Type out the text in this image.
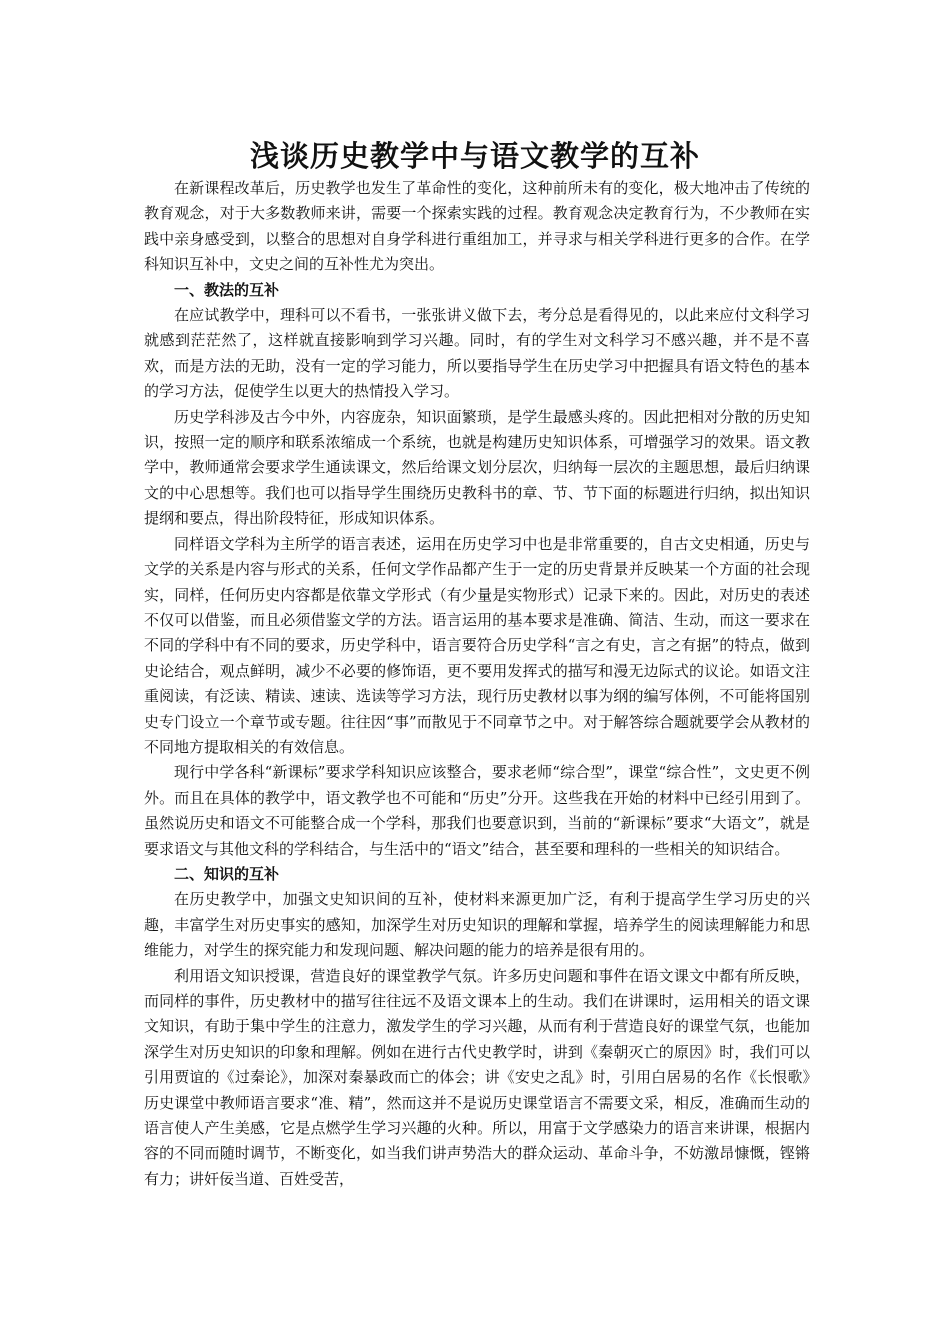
浅谈历史教学中与语文教学的互补

在新课程改革后，历史教学也发生了革命性的变化，这种前所未有的变化，极大地冲击了传统的教育观念，对于大多数教师来讲，需要一个探索实践的过程。教育观念决定教育行为，不少教师在实践中亲身感受到，以整合的思想对自身学科进行重组加工，并寻求与相关学科进行更多的合作。在学科知识互补中，文史之间的互补性尤为突出。

一、教法的互补

在应试教学中，理科可以不看书，一张张讲义做下去，考分总是看得见的，以此来应付文科学习就感到茫茫然了，这样就直接影响到学习兴趣。同时，有的学生对文科学习不感兴趣，并不是不喜欢，而是方法的无助，没有一定的学习能力，所以要指导学生在历史学习中把握具有语文特色的基本的学习方法，促使学生以更大的热情投入学习。

历史学科涉及古今中外，内容庞杂，知识面繁琐，是学生最感头疼的。因此把相对分散的历史知识，按照一定的顺序和联系浓缩成一个系统，也就是构建历史知识体系，可增强学习的效果。语文教学中，教师通常会要求学生通读课文，然后给课文划分层次，归纳每一层次的主题思想，最后归纳课文的中心思想等。我们也可以指导学生围绕历史教科书的章、节、节下面的标题进行归纳，拟出知识提纲和要点，得出阶段特征，形成知识体系。

同样语文学科为主所学的语言表述，运用在历史学习中也是非常重要的，自古文史相通，历史与文学的关系是内容与形式的关系，任何文学作品都产生于一定的历史背景并反映某一个方面的社会现实，同样，任何历史内容都是依靠文学形式（有少量是实物形式）记录下来的。因此，对历史的表述不仅可以借鉴，而且必须借鉴文学的方法。语言运用的基本要求是准确、简洁、生动，而这一要求在不同的学科中有不同的要求，历史学科中，语言要符合历史学科“言之有史，言之有据”的特点，做到史论结合，观点鲜明，减少不必要的修饰语，更不要用发挥式的描写和漫无边际式的议论。如语文注重阅读，有泛读、精读、速读、选读等学习方法，现行历史教材以事为纲的编写体例，不可能将国别史专门设立一个章节或专题。往往因“事”而散见于不同章节之中。对于解答综合题就要学会从教材的不同地方提取相关的有效信息。

现行中学各科“新课标”要求学科知识应该整合，要求老师“综合型”，课堂“综合性”，文史更不例外。而且在具体的教学中，语文教学也不可能和“历史”分开。这些我在开始的材料中已经引用到了。虽然说历史和语文不可能整合成一个学科，那我们也要意识到，当前的“新课标”要求“大语文”，就是要求语文与其他文科的学科结合，与生活中的“语文”结合，甚至要和理科的一些相关的知识结合。

二、知识的互补

在历史教学中，加强文史知识间的互补，使材料来源更加广泛，有利于提高学生学习历史的兴趣，丰富学生对历史事实的感知，加深学生对历史知识的理解和掌握，培养学生的阅读理解能力和思维能力，对学生的探究能力和发现问题、解决问题的能力的培养是很有用的。

利用语文知识授课，营造良好的课堂教学气氛。许多历史问题和事件在语文课文中都有所反映，而同样的事件，历史教材中的描写往往远不及语文课本上的生动。我们在讲课时，运用相关的语文课文知识，有助于集中学生的注意力，激发学生的学习兴趣，从而有利于营造良好的课堂气氛，也能加深学生对历史知识的印象和理解。例如在进行古代史教学时，讲到《秦朝灭亡的原因》时，我们可以引用贾谊的《过秦论》，加深对秦暴政而亡的体会；讲《安史之乱》时，引用白居易的名作《长恨歌》历史课堂中教师语言要求“准、精”，然而这并不是说历史课堂语言不需要文采，相反，准确而生动的语言使人产生美感，它是点燃学生学习兴趣的火种。所以，用富于文学感染力的语言来讲课，根据内容的不同而随时调节，不断变化，如当我们讲声势浩大的群众运动、革命斗争，不妨激昂慷慨，铿锵有力；讲奸佞当道、百姓受苦，
